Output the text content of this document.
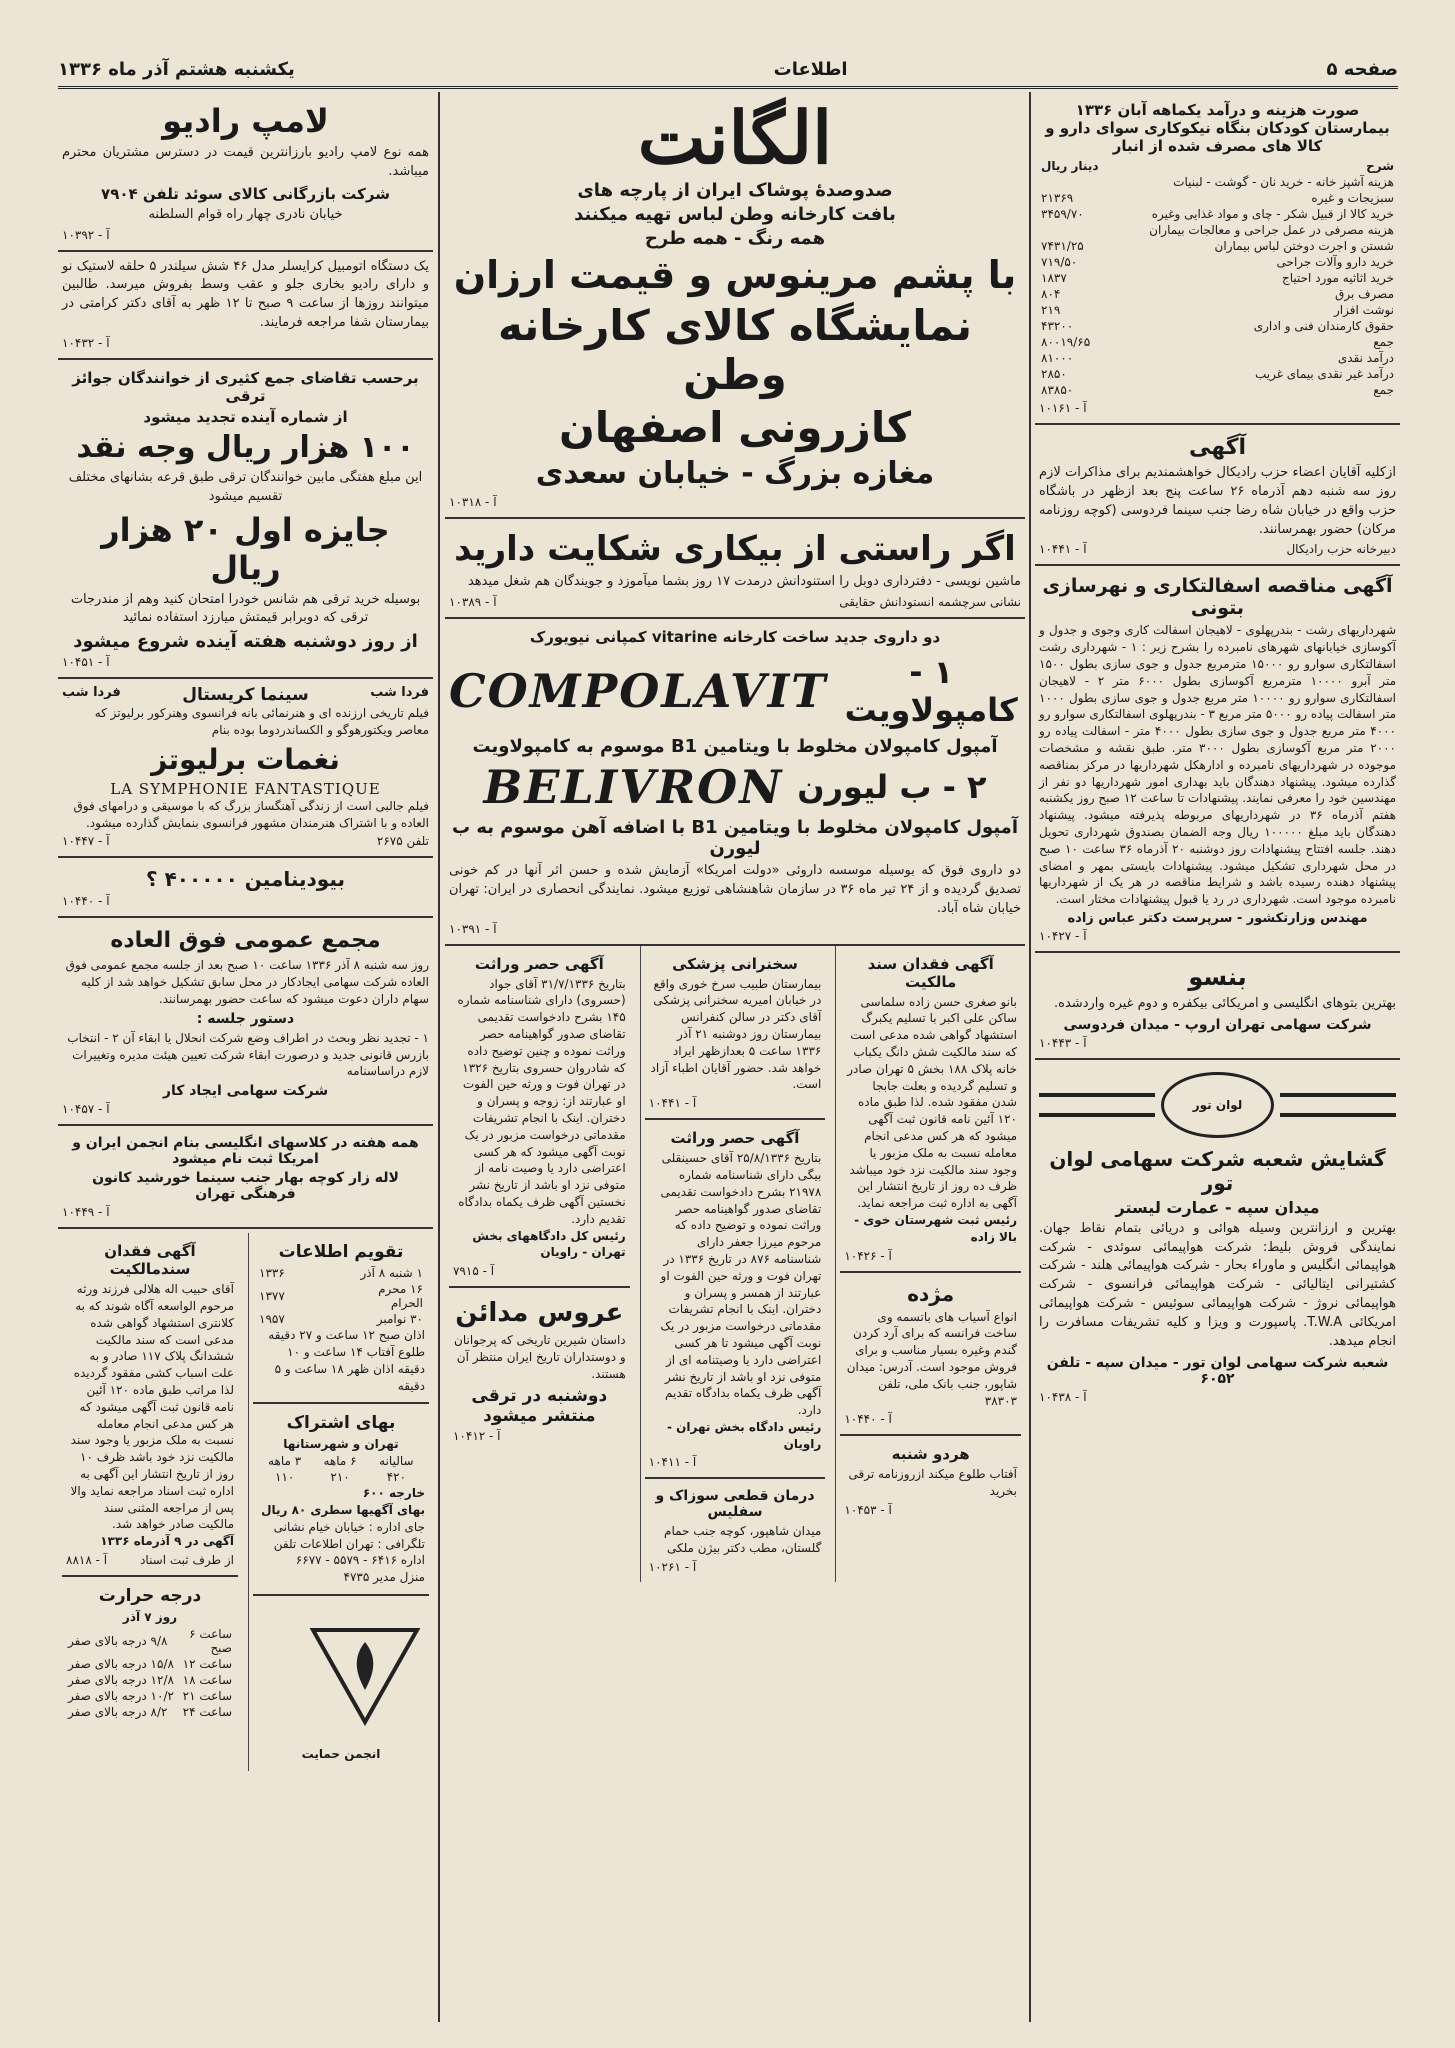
یکشنبه هشتم آذر ماه ۱۳۳۶	اطلاعات	صفحه ۵
صورت هزینه و درآمد یکماهه آبان ۱۳۳۶ بیمارستان کودکان بنگاه نیکوکاری سوای دارو و کالا های مصرف شده از انبار
شرح	دینار ریال
هزینه آشپز خانه - خرید نان - گوشت - لبنیات	
سبزیجات و غیره	۲۱۳۶۹
خرید کالا از قبیل شکر - چای و مواد غذایی وغیره	۳۴۵۹/۷۰
هزینه مصرفی در عمل جراحی و معالجات بیماران	
شستن و اجرت دوختن لباس بیماران	۷۴۳۱/۲۵
خرید دارو وآلات جراحی	۷۱۹/۵۰
خرید اثاثیه مورد احتیاج	۱۸۳۷
مصرف برق	۸۰۴
نوشت افزار	۲۱۹
حقوق کارمندان فنی و اداری	۴۳۲۰۰
جمع	۸۰۰۱۹/۶۵
درآمد نقدی	۸۱۰۰۰
درآمد غیر نقدی بیمای غریب	۲۸۵۰
جمع	۸۳۸۵۰
آ - ۱۰۱۶۱
آگهی
ازکلیه آقایان اعضاء حزب رادیکال خواهشمندیم برای مذاکرات لازم روز سه شنبه دهم آذرماه ۲۶ ساعت پنج بعد ازظهر در باشگاه حزب واقع در خیابان شاه رضا جنب سینما فردوسی (کوچه روزنامه مرکان) حضور بهمرسانند.
دبیرخانه حزب رادیکال
آ - ۱۰۴۴۱
آگهی مناقصه اسفالتکاری و نهرسازی بتونی
شهرداریهای رشت - بندرپهلوی - لاهیجان اسفالت کاری وجوی و جدول و آکوسازی خیابانهای شهرهای نامبرده را بشرح زیر : ۱ - شهرداری رشت اسفالتکاری سوارو رو ۱۵۰۰۰ مترمربع جدول و جوی سازی بطول ۱۵۰۰ متر آبرو ۱۰۰۰۰ مترمربع آکوسازی بطول ۶۰۰۰ متر ۲ - لاهیجان اسفالتکاری سوارو رو ۱۰۰۰۰ متر مربع جدول و جوی سازی بطول ۱۰۰۰ متر اسفالت پیاده رو ۵۰۰۰ متر مربع ۳ - بندرپهلوی اسفالتکاری سوارو رو ۴۰۰۰ متر مربع جدول و جوی سازی بطول ۴۰۰۰ متر - اسفالت پیاده رو ۲۰۰۰ متر مربع آکوسازی بطول ۳۰۰۰ متر. طبق نقشه و مشخصات موجوده در شهرداریهای نامبرده و ادارهکل شهرداریها در مرکز بمناقصه گذارده میشود. پیشنهاد دهندگان باید بهداری امور شهرداریها دو نفر از مهندسین خود را معرفی نمایند. پیشنهادات تا ساعت ۱۲ صبح روز یکشنبه هفتم آذرماه ۳۶ در شهرداریهای مربوطه پذیرفته میشود. پیشنهاد دهندگان باید مبلغ ۱۰۰۰۰۰ ریال وجه الضمان بصندوق شهرداری تحویل دهند. جلسه افتتاح پیشنهادات روز دوشنبه ۲۰ آذرماه ۳۶ ساعت ۱۰ صبح در محل شهرداری تشکیل میشود. پیشنهادات بایستی بمهر و امضای پیشنهاد دهنده رسیده باشد و شرایط مناقصه در هر یک از شهرداریها نامبرده موجود است. شهرداری در رد یا قبول پیشنهادات مختار است.
مهندس وزارتکشور - سرپرست دکتر عباس زاده
آ - ۱۰۴۲۷
بنسو
بهترین بتوهای انگلیسی و امریکائی بیکفره و دوم غیره واردشده.
شرکت سهامی تهران اروپ - میدان فردوسی
آ - ۱۰۴۴۳
لوان تور
گشایش شعبه شرکت سهامی لوان تور
میدان سپه - عمارت لیستر
بهترین و ارزانترین وسیله هوائی و دریائی بتمام نقاط جهان. نمایندگی فروش بلیط: شرکت هواپیمائی سوئدی - شرکت هواپیمائی انگلیس و ماوراء بحار - شرکت هواپیمائی هلند - شرکت کشتیرانی ایتالیائی - شرکت هواپیمائی فرانسوی - شرکت هواپیمائی نروژ - شرکت هواپیمائی سوئیس - شرکت هواپیمائی امریکائی T.W.A. پاسپورت و ویزا و کلیه تشریفات مسافرت را انجام میدهد.
شعبه شرکت سهامی لوان تور - میدان سپه - تلفن ۶۰۵۲
آ - ۱۰۴۳۸
الگانت
صدوصدهٔ پوشاک ایران از پارچه های
بافت کارخانه وطن لباس تهیه میکنند
همه رنگ - همه طرح
با پشم مرینوس و قیمت ارزان
نمایشگاه کالای کارخانه وطن
کازرونی اصفهان
مغازه بزرگ - خیابان سعدی
آ - ۱۰۳۱۸
اگر راستی از بیکاری شکایت دارید
ماشین نویسی - دفترداری دوبل را استنودانش درمدت ۱۷ روز بشما میآموزد و جویندگان هم شغل میدهد
نشانی سرچشمه انستودانش حقایقی
آ - ۱۰۳۸۹
دو داروی جدید ساخت کارخانه vitarine کمپانی نیویورک
۱ - کامپولاویت
COMPOLAVIT
آمپول کامپولان مخلوط با ویتامین B1 موسوم به کامپولاویت
۲ - ب لیورن
BELIVRON
آمپول کامپولان مخلوط با ویتامین B1 با اضافه آهن موسوم به ب لیورن
دو داروی فوق که بوسیله موسسه داروئی «دولت امریکا» آزمایش شده و حسن اثر آنها در کم خونی تصدیق گردیده و از ۲۴ تیر ماه ۳۶ در سازمان شاهنشاهی توزیع میشود. نمایندگی انحصاری در ایران: تهران خیابان شاه آباد.
آ - ۱۰۳۹۱
آگهی فقدان سند مالکیت
بانو صغری حسن زاده سلماسی ساکن علی اکبر با تسلیم یکبرگ استشهاد گواهی شده مدعی است که سند مالکیت شش دانگ یکباب خانه پلاک ۱۸۸ بخش ۵ تهران صادر و تسلیم گردیده و بعلت جابجا شدن مفقود شده. لذا طبق ماده ۱۲۰ آئین نامه قانون ثبت آگهی میشود که هر کس مدعی انجام معامله نسبت به ملک مزبور یا وجود سند مالکیت نزد خود میباشد ظرف ده روز از تاریخ انتشار این آگهی به اداره ثبت مراجعه نماید.
رئیس ثبت شهرستان خوی - بالا زاده
آ - ۱۰۴۲۶
مژده
انواع آسیاب های باتسمه وی ساخت فرانسه که برای آرد کردن گندم وغیره بسیار مناسب و برای فروش موجود است. آدرس: میدان شاپور، جنب بانک ملی، تلفن ۳۸۳۰۳
آ - ۱۰۴۴۰
هردو شنبه
آفتاب طلوع میکند ازروزنامه ترقی بخرید
آ - ۱۰۴۵۳
سخنرانی پزشکی
بیمارستان طبیب سرخ خوری واقع در خیابان امیریه سخنرانی پزشکی آقای دکتر در سالن کنفرانس بیمارستان روز دوشنبه ۲۱ آذر ۱۳۳۶ ساعت ۵ بعدازظهر ایراد خواهد شد. حضور آقایان اطباء آزاد است.
آ - ۱۰۴۴۱
آگهی حصر وراثت
بتاریخ ۲۵/۸/۱۳۳۶ آقای حسینقلی بیگی دارای شناسنامه شماره ۲۱۹۷۸ بشرح دادخواست تقدیمی تقاضای صدور گواهینامه حصر وراثت نموده و توضیح داده که مرحوم میرزا جعفر دارای شناسنامه ۸۷۶ در تاریخ ۱۳۳۶ در تهران فوت و ورثه حین الفوت او عبارتند از همسر و پسران و دختران. اینک با انجام تشریفات مقدماتی درخواست مزبور در یک نوبت آگهی میشود تا هر کسی اعتراضی دارد یا وصیتنامه ای از متوفی نزد او باشد از تاریخ نشر آگهی ظرف یکماه بدادگاه تقدیم دارد.
رئیس دادگاه بخش تهران - راویان
آ - ۱۰۴۱۱
درمان قطعی سوزاک و سفلیس
میدان شاهپور، کوچه جنب حمام گلستان، مطب دکتر بیژن ملکی
آ - ۱۰۲۶۱
آگهی حصر وراثت
بتاریخ ۳۱/۷/۱۳۳۶ آقای جواد (حسروی) دارای شناسنامه شماره ۱۴۵ بشرح دادخواست تقدیمی تقاضای صدور گواهینامه حصر وراثت نموده و چنین توضیح داده که شادروان حسروی بتاریخ ۱۳۲۶ در تهران فوت و ورثه حین الفوت او عبارتند از: زوجه و پسران و دختران. اینک با انجام تشریفات مقدماتی درخواست مزبور در یک نوبت آگهی میشود که هر کسی اعتراضی دارد یا وصیت نامه از متوفی نزد او باشد از تاریخ نشر نخستین آگهی ظرف یکماه بدادگاه تقدیم دارد.
رئیس کل دادگاههای بخش تهران - راویان
آ - ۷۹۱۵
عروس مدائن
داستان شیرین تاریخی که پرجوانان و دوستداران تاریخ ایران منتظر آن هستند.
دوشنبه در ترقی منتشر میشود
آ - ۱۰۴۱۲
لامپ رادیو
همه نوع لامپ رادیو بارزانترین قیمت در دسترس مشتریان محترم میباشد.
شرکت بازرگانی کالای سوئد تلفن ۷۹۰۴
خیابان نادری چهار راه قوام السلطنه
آ - ۱۰۳۹۲
یک دستگاه اتومبیل کرایسلر مدل ۴۶ شش سیلندر ۵ حلقه لاستیک نو و دارای رادیو بخاری جلو و عقب وسط بفروش میرسد. طالبین میتوانند روزها از ساعت ۹ صبح تا ۱۲ ظهر به آقای دکتر کرامتی در بیمارستان شفا مراجعه فرمایند.
آ - ۱۰۴۳۲
برحسب تقاضای جمع کثیری از خوانندگان جوائز ترقی
از شماره آینده تجدید میشود
۱۰۰ هزار ریال وجه نقد
این مبلغ هفتگی مابین خوانندگان ترقی طبق قرعه بشانهای مختلف تقسیم میشود
جایزه اول ۲۰ هزار ریال
بوسیله خرید ترقی هم شانس خودرا امتحان کنید وهم از مندرجات ترقی که دوبرابر قیمتش میارزد استفاده نمائید
از روز دوشنبه هفته آینده شروع میشود
آ - ۱۰۴۵۱
فردا شب
سینما کریستال
فردا شب
فیلم تاریخی ارزنده ای و هنرنمائی بانه فرانسوی وهنرکور برلیوتز که معاصر ویکتورهوگو و الکساندردوما بوده بنام
نغمات برلیوتز
LA SYMPHONIE FANTASTIQUE
فیلم جالبی است از زندگی آهنگساز بزرگ که با موسیقی و درامهای فوق العاده و با اشتراک هنرمندان مشهور فرانسوی بنمایش گذارده میشود.
تلفن ۲۶۷۵
آ - ۱۰۴۴۷
بیودینامین ۴۰۰۰۰۰ ؟
آ - ۱۰۴۴۰
مجمع عمومی فوق العاده
روز سه شنبه ۸ آذر ۱۳۳۶ ساعت ۱۰ صبح بعد از جلسه مجمع عمومی فوق العاده شرکت سهامی ایجادکار در محل سابق تشکیل خواهد شد از کلیه سهام داران دعوت میشود که ساعت حضور بهمرسانند.
دستور جلسه :
۱ - تجدید نظر وبحث در اطراف وضع شرکت انحلال یا ابقاء آن ۲ - انتخاب بازرس قانونی جدید و درصورت ابقاء شرکت تعیین هیئت مدیره وتغییرات لازم دراساسنامه
شرکت سهامی ایجاد کار
آ - ۱۰۴۵۷
همه هفته در کلاسهای انگلیسی بنام انجمن ایران و امریکا ثبت نام میشود
لاله زار کوچه بهار جنب سینما خورشید کانون فرهنگی تهران
آ - ۱۰۴۴۹
تقویم اطلاعات
۱ شنبه ۸ آذر	۱۳۳۶
۱۶ محرم الحرام	۱۳۷۷
۳۰ نوامبر	۱۹۵۷
اذان صبح ۱۲ ساعت و ۲۷ دقیقه طلوع آفتاب ۱۴ ساعت و ۱۰ دقیقه اذان ظهر ۱۸ ساعت و ۵ دقیقه
بهای اشتراک
تهران و شهرستانها
سالیانه	۶ ماهه	۳ ماهه
۴۲۰	۲۱۰	۱۱۰
خارجه ۶۰۰
بهای آگهیها سطری ۸۰ ریال
جای اداره : خیابان خیام نشانی تلگرافی : تهران اطلاعات تلفن اداره ۶۴۱۶ - ۵۵۷۹ - ۶۶۷۷
منزل مدیر ۴۷۳۵
انجمن حمایت
آگهی فقدان سندمالکیت
آقای حبیب اله هلالی فرزند ورثه مرحوم الواسعه آگاه شوند که به کلانتری استشهاد گواهی شده مدعی است که سند مالکیت ششدانگ پلاک ۱۱۷ صادر و به علت اسباب کشی مفقود گردیده لذا مراتب طبق ماده ۱۲۰ آئین نامه قانون ثبت آگهی میشود که هر کس مدعی انجام معامله نسبت به ملک مزبور یا وجود سند مالکیت نزد خود باشد ظرف ۱۰ روز از تاریخ انتشار این آگهی به اداره ثبت اسناد مراجعه نماید والا پس از مراجعه المثنی سند مالکیت صادر خواهد شد.
آگهی در ۹ آذرماه ۱۳۳۶
از طرف ثبت اسناد
آ - ۸۸۱۸
درجه حرارت
روز ۷ آذر
ساعت ۶ صبح	۹/۸ درجه بالای صفر
ساعت ۱۲	۱۵/۸ درجه بالای صفر
ساعت ۱۸	۱۲/۸ درجه بالای صفر
ساعت ۲۱	۱۰/۲ درجه بالای صفر
ساعت ۲۴	۸/۲ درجه بالای صفر
